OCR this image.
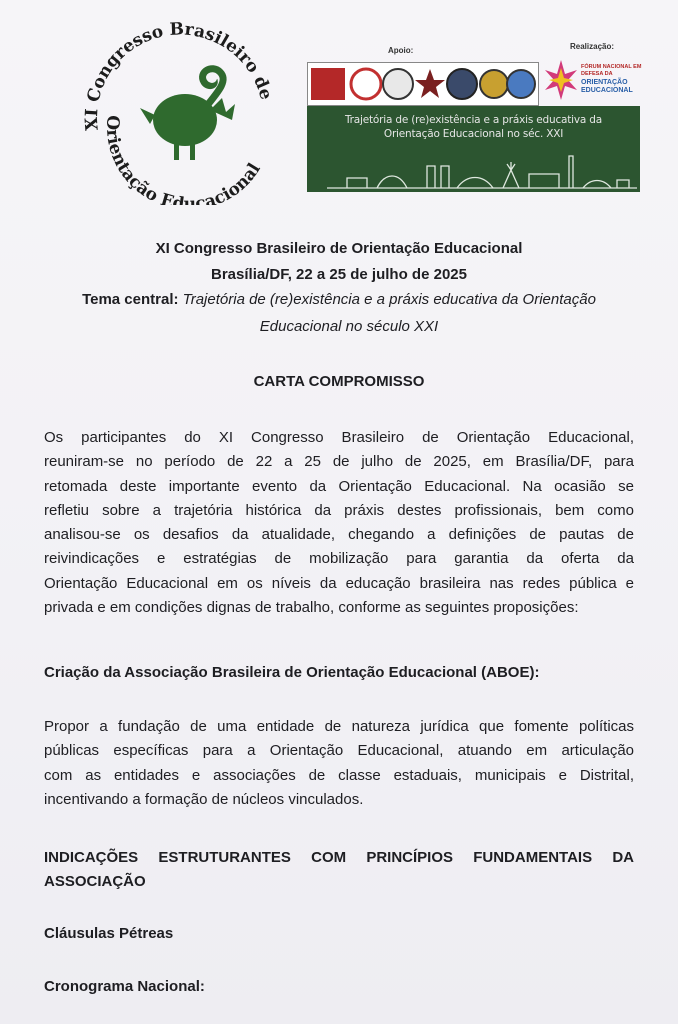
XI Congresso Brasileiro de
Orientação Educacional
Apoio:	Realização:
FÓRUM NACIONAL EM
DEFESA DA
ORIENTAÇÃO
EDUCACIONAL
Trajetória de (re)existência e a práxis educativa da
Orientação Educacional no séc. XXI
XI Congresso Brasileiro de Orientação Educacional
Brasília/DF, 22 a 25 de julho de 2025
Tema central: Trajetória de (re)existência e a práxis educativa da Orientação
Educacional no século XXI
CARTA COMPROMISSO
Os participantes do XI Congresso Brasileiro de Orientação Educacional,
reuniram-se no período de 22 a 25 de julho de 2025, em Brasília/DF, para
retomada deste importante evento da Orientação Educacional. Na ocasião se
refletiu sobre a trajetória histórica da práxis destes profissionais, bem como
analisou-se os desafios da atualidade, chegando a definições de pautas de
reivindicações e estratégias de mobilização para garantia da oferta da
Orientação Educacional em os níveis da educação brasileira nas redes pública e
privada e em condições dignas de trabalho, conforme as seguintes proposições:
Criação da Associação Brasileira de Orientação Educacional (ABOE):
Propor a fundação de uma entidade de natureza jurídica que fomente políticas
públicas específicas para a Orientação Educacional, atuando em articulação
com as entidades e associações de classe estaduais, municipais e Distrital,
incentivando a formação de núcleos vinculados.
INDICAÇÕES ESTRUTURANTES COM PRINCÍPIOS FUNDAMENTAIS DA
ASSOCIAÇÃO
Cláusulas Pétreas
Cronograma Nacional:
